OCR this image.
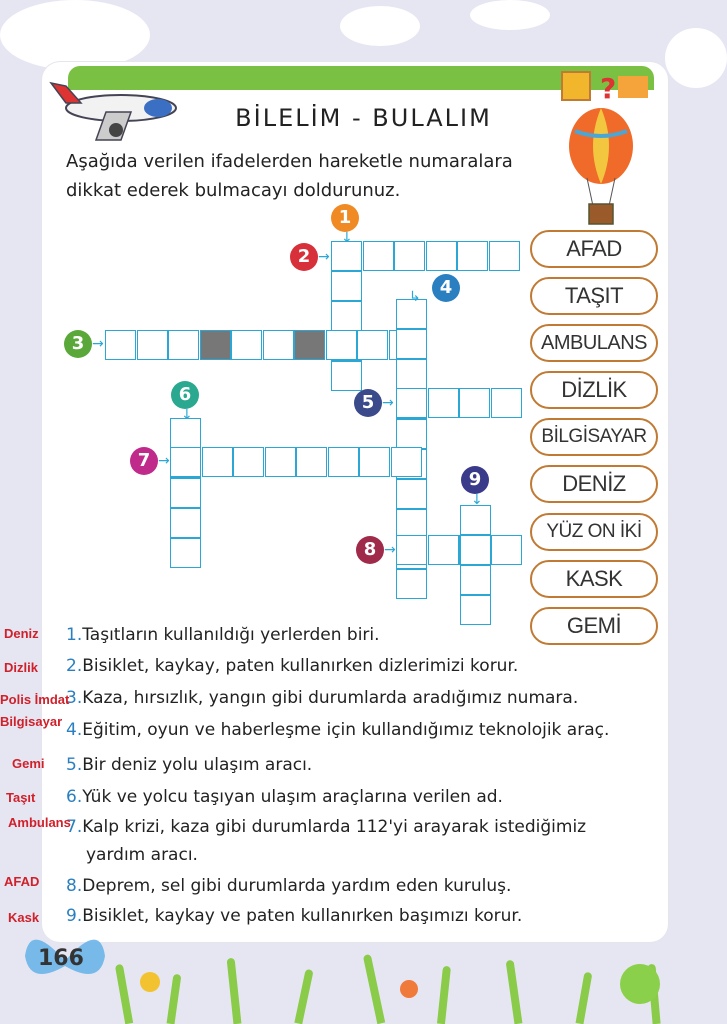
?
BİLELİM - BULALIM
Aşağıda verilen ifadelerden hareketle numaralara dikkat ederek bulmacayı doldurunuz.
1
↓
2 →
3 →
4
↳
5 →
6
↓
7 →
8 →
9
↓
AFAD
TAŞIT
AMBULANS
DİZLİK
BİLGİSAYAR
DENİZ
YÜZ ON İKİ
KASK
GEMİ
1.Taşıtların kullanıldığı yerlerden biri.
2.Bisiklet, kaykay, paten kullanırken dizlerimizi korur.
3.Kaza, hırsızlık, yangın gibi durumlarda aradığımız numara.
4.Eğitim, oyun ve haberleşme için kullandığımız teknolojik araç.
5.Bir deniz yolu ulaşım aracı.
6.Yük ve yolcu taşıyan ulaşım araçlarına verilen ad.
7.Kalp krizi, kaza gibi durumlarda 112'yi arayarak istediğimiz
yardım aracı.
8.Deprem, sel gibi durumlarda yardım eden kuruluş.
9.Bisiklet, kaykay ve paten kullanırken başımızı korur.
Deniz
Dizlik
Polis İmdat
Bilgisayar
Gemi
Taşıt
Ambulans
AFAD
Kask
166
